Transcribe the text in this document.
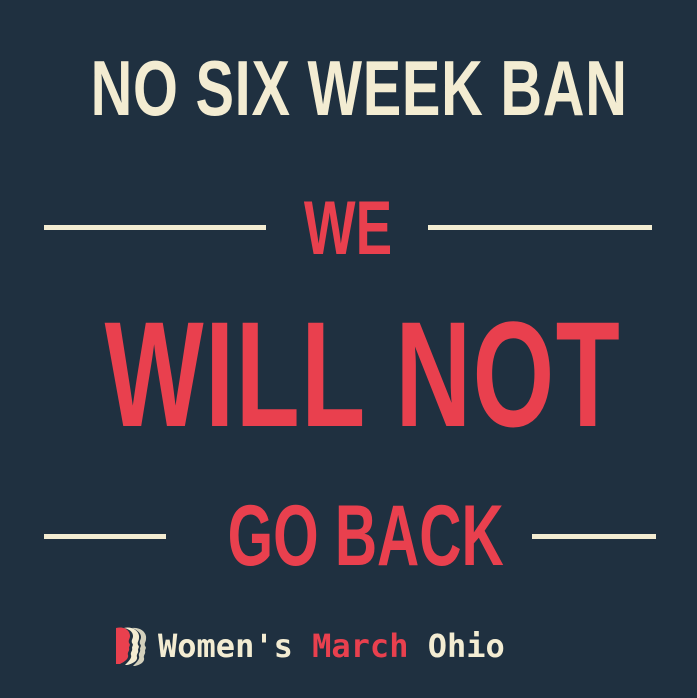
NO SIX WEEK BAN
WE
WILL NOT
GO BACK
Women's March Ohio
